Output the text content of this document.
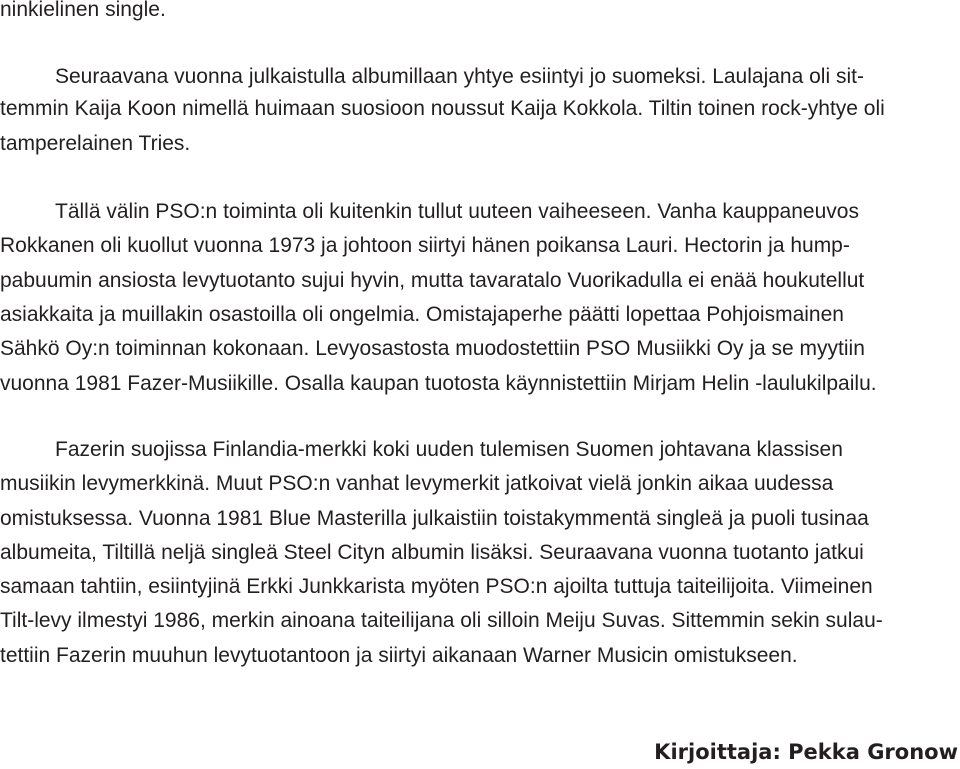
ninkielinen single.

Seuraavana vuonna julkaistulla albumillaan yhtye esiintyi jo suomeksi. Laulajana oli sit-

temmin Kaija Koon nimellä huimaan suosioon noussut Kaija Kokkola. Tiltin toinen rock-yhtye oli

tamperelainen Tries.

Tällä välin PSO:n toiminta oli kuitenkin tullut uuteen vaiheeseen. Vanha kauppaneuvos

Rokkanen oli kuollut vuonna 1973 ja johtoon siirtyi hänen poikansa Lauri. Hectorin ja hump-

pabuumin ansiosta levytuotanto sujui hyvin, mutta tavaratalo Vuorikadulla ei enää houkutellut

asiakkaita ja muillakin osastoilla oli ongelmia. Omistajaperhe päätti lopettaa Pohjoismainen

Sähkö Oy:n toiminnan kokonaan. Levyosastosta muodostettiin PSO Musiikki Oy ja se myytiin

vuonna 1981 Fazer-Musiikille. Osalla kaupan tuotosta käynnistettiin Mirjam Helin -laulukilpailu.

Fazerin suojissa Finlandia-merkki koki uuden tulemisen Suomen johtavana klassisen

musiikin levymerkkinä. Muut PSO:n vanhat levymerkit jatkoivat vielä jonkin aikaa uudessa

omistuksessa. Vuonna 1981 Blue Masterilla julkaistiin toistakymmentä singleä ja puoli tusinaa

albumeita, Tiltillä neljä singleä Steel Cityn albumin lisäksi. Seuraavana vuonna tuotanto jatkui

samaan tahtiin, esiintyjinä Erkki Junkkarista myöten PSO:n ajoilta tuttuja taiteilijoita. Viimeinen

Tilt-levy ilmestyi 1986, merkin ainoana taiteilijana oli silloin Meiju Suvas. Sittemmin sekin sulau-

tettiin Fazerin muuhun levytuotantoon ja siirtyi aikanaan Warner Musicin omistukseen.

Kirjoittaja: Pekka Gronow
